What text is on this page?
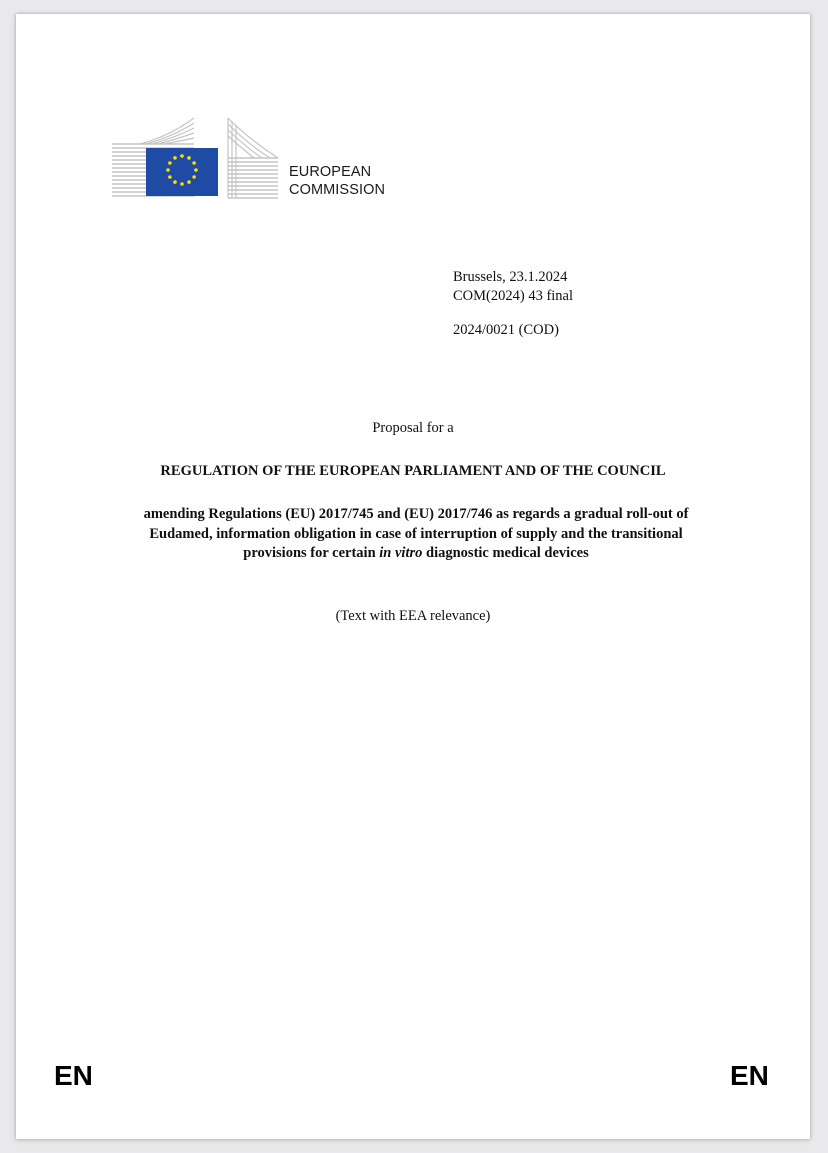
EUROPEAN
COMMISSION
Brussels, 23.1.2024
COM(2024) 43 final
2024/0021 (COD)
Proposal for a
REGULATION OF THE EUROPEAN PARLIAMENT AND OF THE COUNCIL
amending Regulations (EU) 2017/745 and (EU) 2017/746 as regards a gradual roll-out of
Eudamed, information obligation in case of interruption of supply and the transitional
provisions for certain in vitro diagnostic medical devices
(Text with EEA relevance)
EN	EN
